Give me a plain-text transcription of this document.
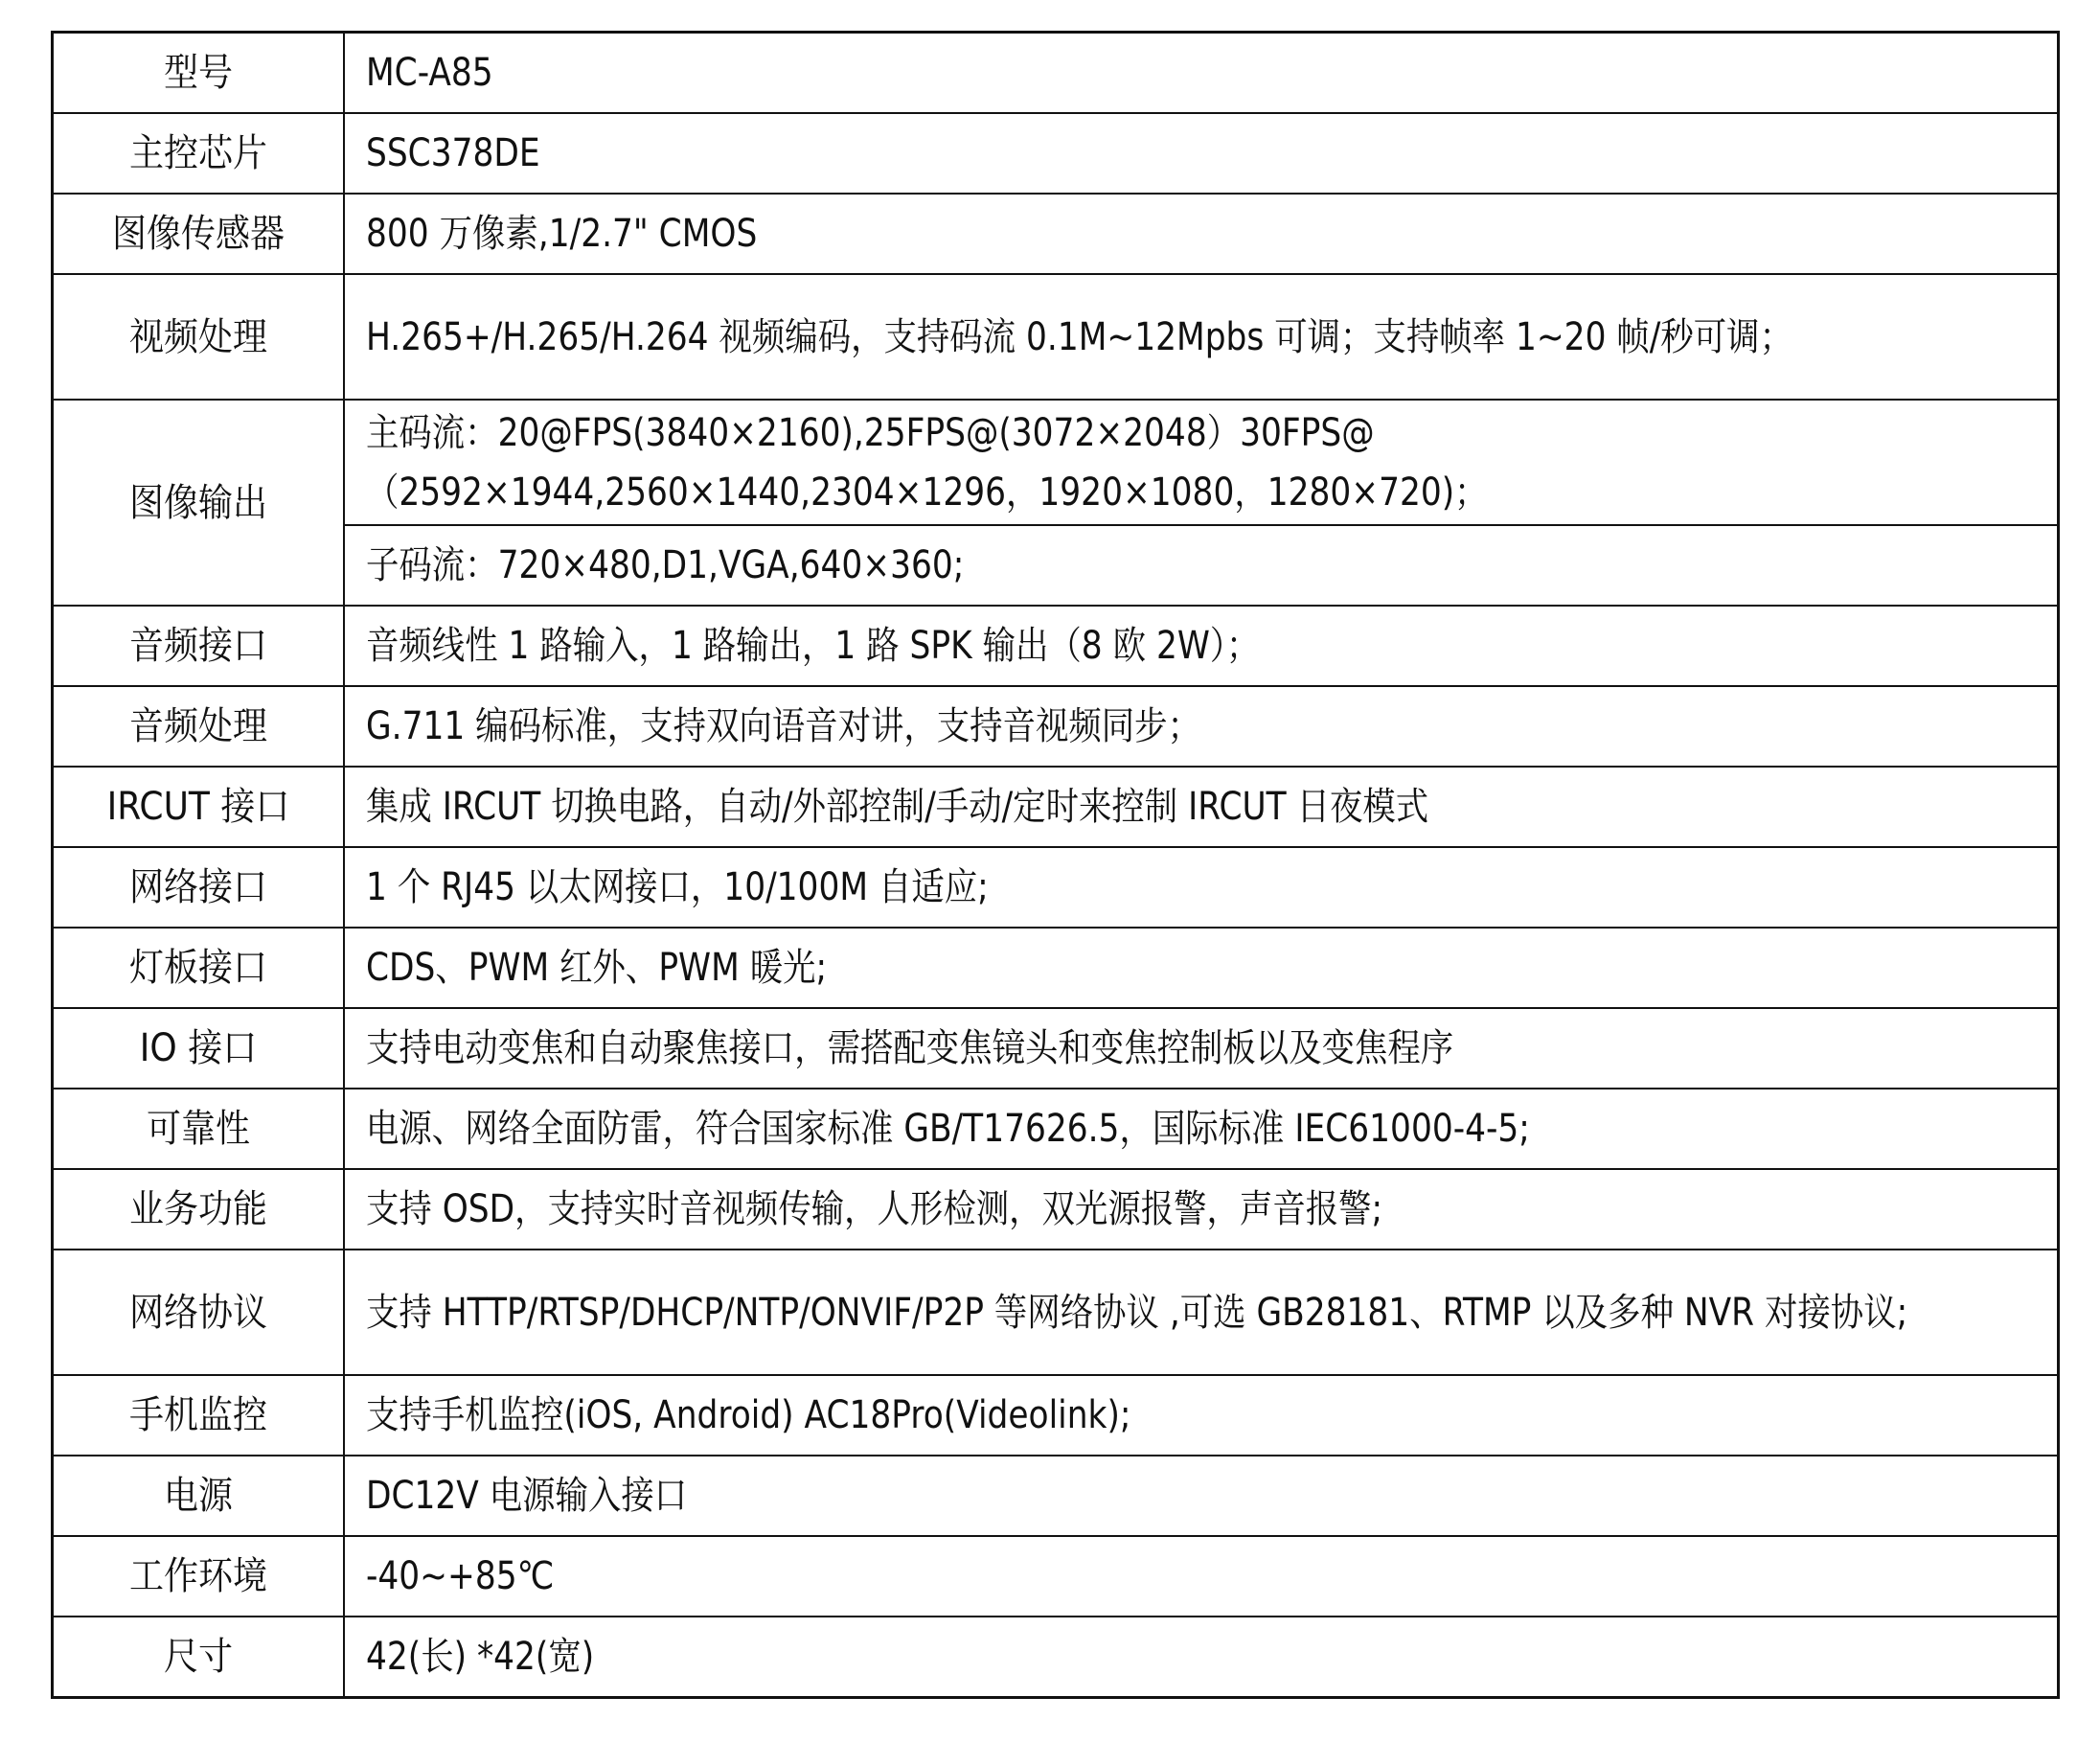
型号	MC-A85
主控芯片	SSC378DE
图像传感器	800 万像素,1/2.7" CMOS
视频处理	H.265+/H.265/H.264 视频编码，支持码流 0.1M~12Mpbs 可调；支持帧率 1~20 帧/秒可调；

图像输出	主码流：20@FPS(3840×2160),25FPS@(3072×2048）30FPS@（2592×1944,2560×1440,2304×1296，1920×1080，1280×720)；

	子码流：720×480,D1,VGA,640×360;
音频接口	音频线性 1 路输入，1 路输出，1 路 SPK 输出（8 欧 2W）；
音频处理	G.711 编码标准，支持双向语音对讲，支持音视频同步；
IRCUT 接口	集成 IRCUT 切换电路，自动/外部控制/手动/定时来控制 IRCUT 日夜模式
网络接口	1 个 RJ45 以太网接口，10/100M 自适应;
灯板接口	CDS、PWM 红外、PWM 暖光;
IO 接口	支持电动变焦和自动聚焦接口，需搭配变焦镜头和变焦控制板以及变焦程序
可靠性	电源、网络全面防雷，符合国家标准 GB/T17626.5，国际标准 IEC61000-4-5;
业务功能	支持 OSD，支持实时音视频传输，人形检测，双光源报警，声音报警;
网络协议	支持 HTTP/RTSP/DHCP/NTP/ONVIF/P2P 等网络协议 ,可选 GB28181、RTMP 以及多种 NVR 对接协议;

手机监控	支持手机监控(iOS, Android) AC18Pro(Videolink);
电源	DC12V 电源输入接口
工作环境	-40~+85℃
尺寸	42(长) *42(宽)
